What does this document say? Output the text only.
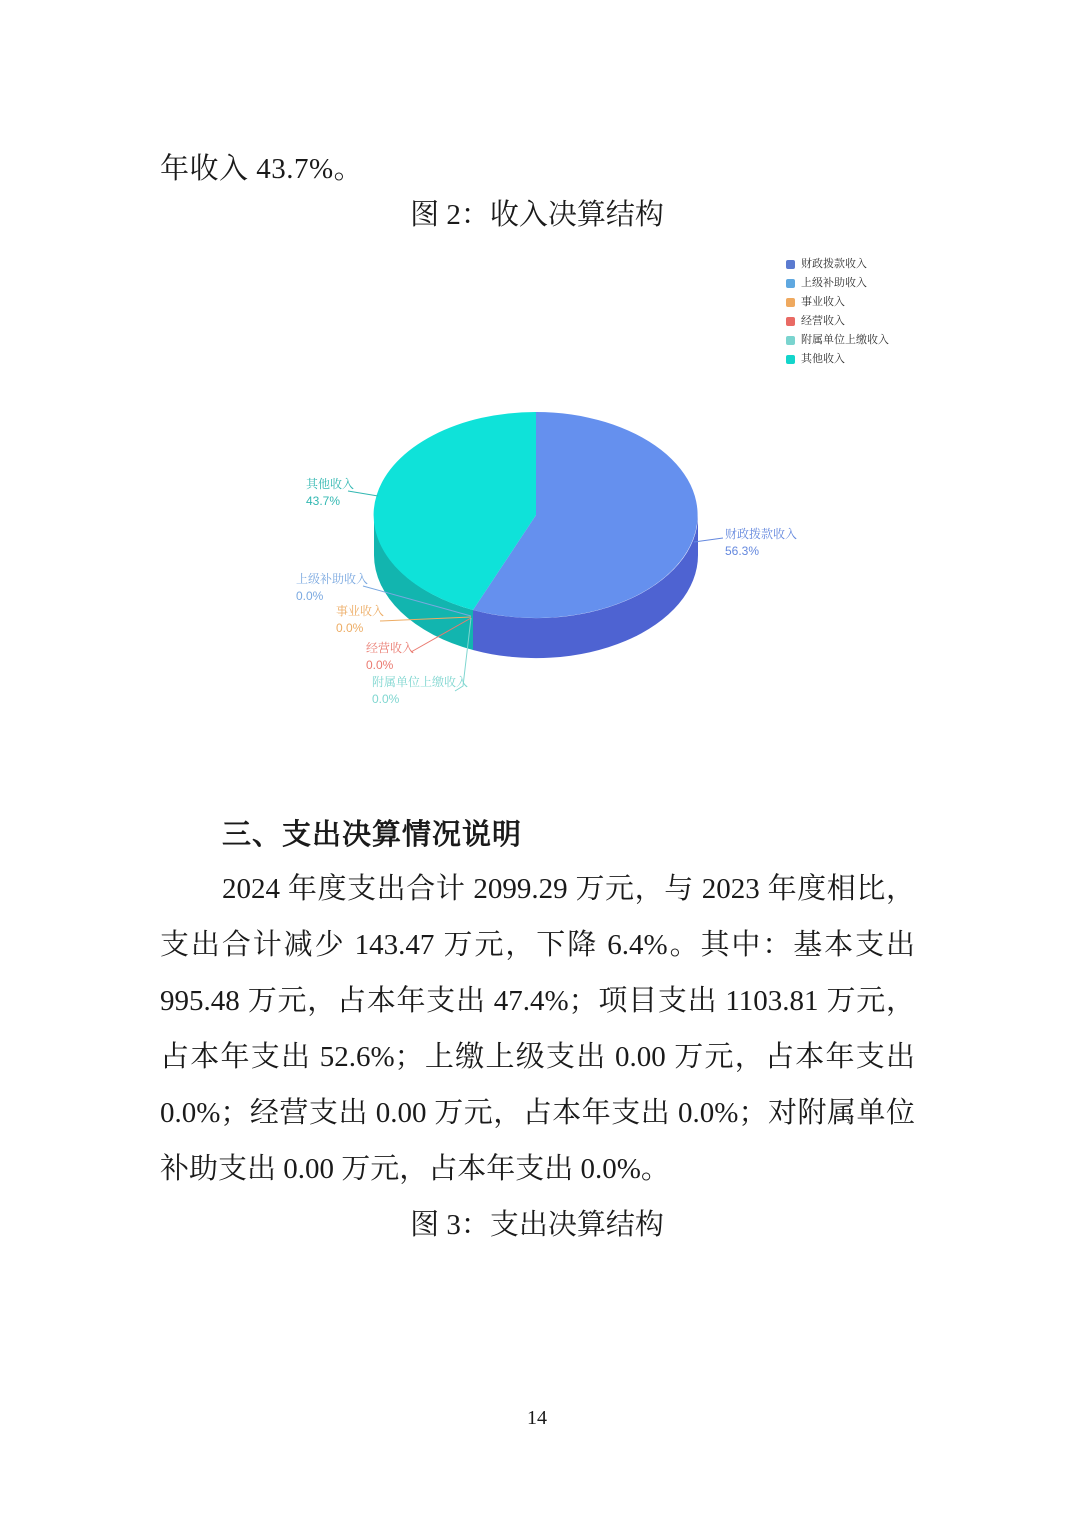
年收入 43.7%。
图 2：收入决算结构
其他收入
43.7%
上级补助收入
0.0%
事业收入
0.0%
经营收入
0.0%
附属单位上缴收入
0.0%
财政拨款收入
56.3%
财政拨款收入
上级补助收入
事业收入
经营收入
附属单位上缴收入
其他收入
三、支出决算情况说明
2024 年度支出合计 2099.29 万元，与 2023 年度相比，
支出合计减少 143.47 万元，下降 6.4%。其中：基本支出
995.48 万元，占本年支出 47.4%；项目支出 1103.81 万元，
占本年支出 52.6%；上缴上级支出 0.00 万元，占本年支出
0.0%；经营支出 0.00 万元，占本年支出 0.0%；对附属单位
补助支出 0.00 万元，占本年支出 0.0%。
图 3：支出决算结构
14
